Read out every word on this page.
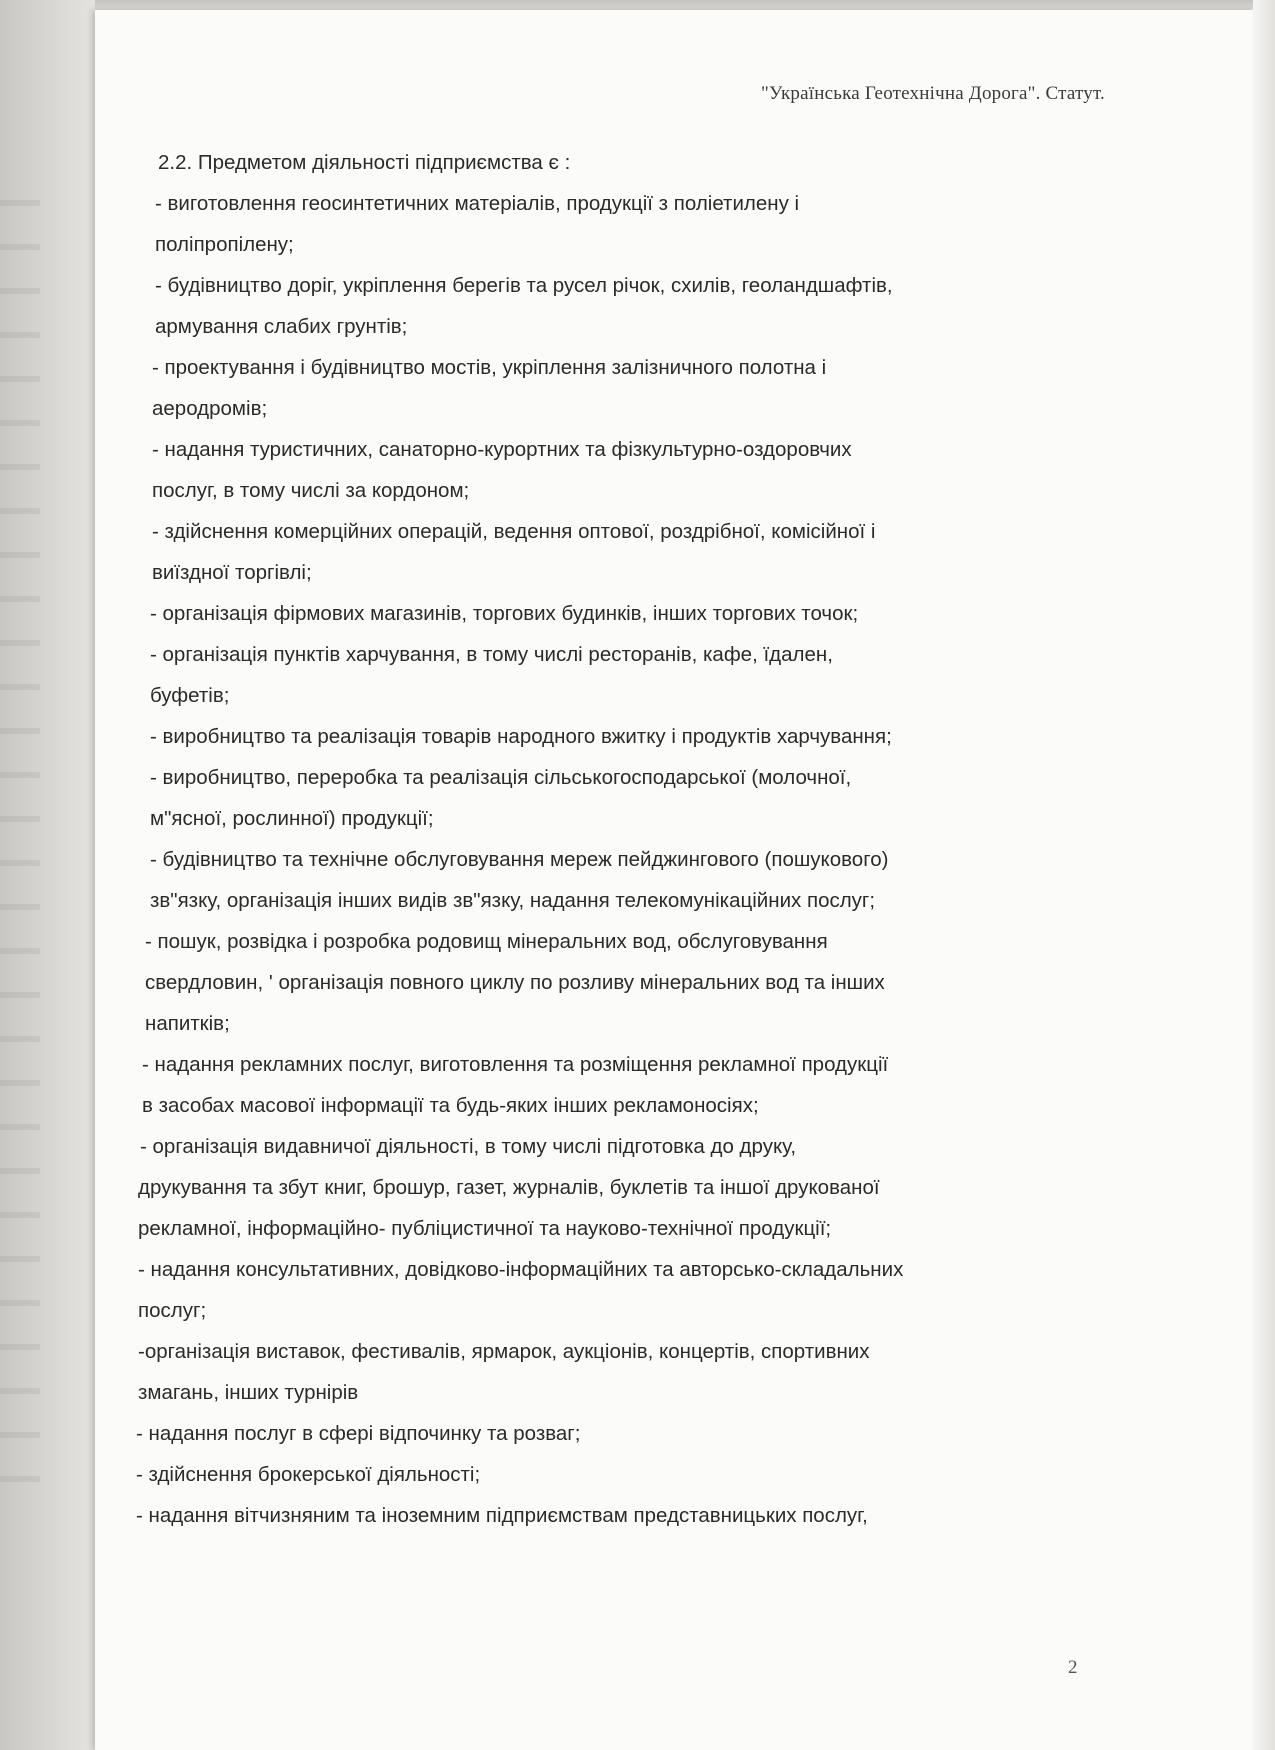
"Українська Геотехнічна Дорога". Статут.

2.2. Предметом діяльності підприємства є :

- виготовлення геосинтетичних матеріалів, продукції з поліетилену і

поліпропілену;

- будівництво доріг, укріплення берегів та русел річок, схилів, геоландшафтів,

армування слабих грунтів;

- проектування і будівництво мостів, укріплення залізничного полотна і

аеродромів;

- надання туристичних, санаторно-курортних та фізкультурно-оздоровчих

послуг, в тому числі за кордоном;

- здійснення комерційних операцій, ведення оптової, роздрібної, комісійної і

виїздної торгівлі;

- організація фірмових магазинів, торгових будинків, інших торгових точок;

- організація пунктів харчування, в тому числі ресторанів, кафе, їдален,

буфетів;

- виробництво та реалізація товарів народного вжитку і продуктів харчування;

- виробництво, переробка та реалізація сільськогосподарської (молочної,

м"ясної, рослинної) продукції;

- будівництво та технічне обслуговування мереж пейджингового (пошукового)

зв"язку, організація інших видів зв"язку, надання телекомунікаційних послуг;

- пошук, розвідка і розробка родовищ мінеральних вод, обслуговування

свердловин, ' організація повного циклу по розливу мінеральних вод та інших

напитків;

- надання рекламних послуг, виготовлення та розміщення рекламної продукції

в засобах масової інформації та будь-яких інших рекламоносіях;

- організація видавничої діяльності, в тому числі підготовка до друку,

друкування та збут книг, брошур, газет, журналів, буклетів та іншої друкованої

рекламної, інформаційно- публіцистичної та науково-технічної продукції;

- надання консультативних, довідково-інформаційних та авторсько-складальних

послуг;

-організація виставок, фестивалів, ярмарок, аукціонів, концертів, спортивних

змагань, інших турнірів

- надання послуг в сфері відпочинку та розваг;

- здійснення брокерської діяльності;

- надання вітчизняним та іноземним підприємствам представницьких послуг,

2
